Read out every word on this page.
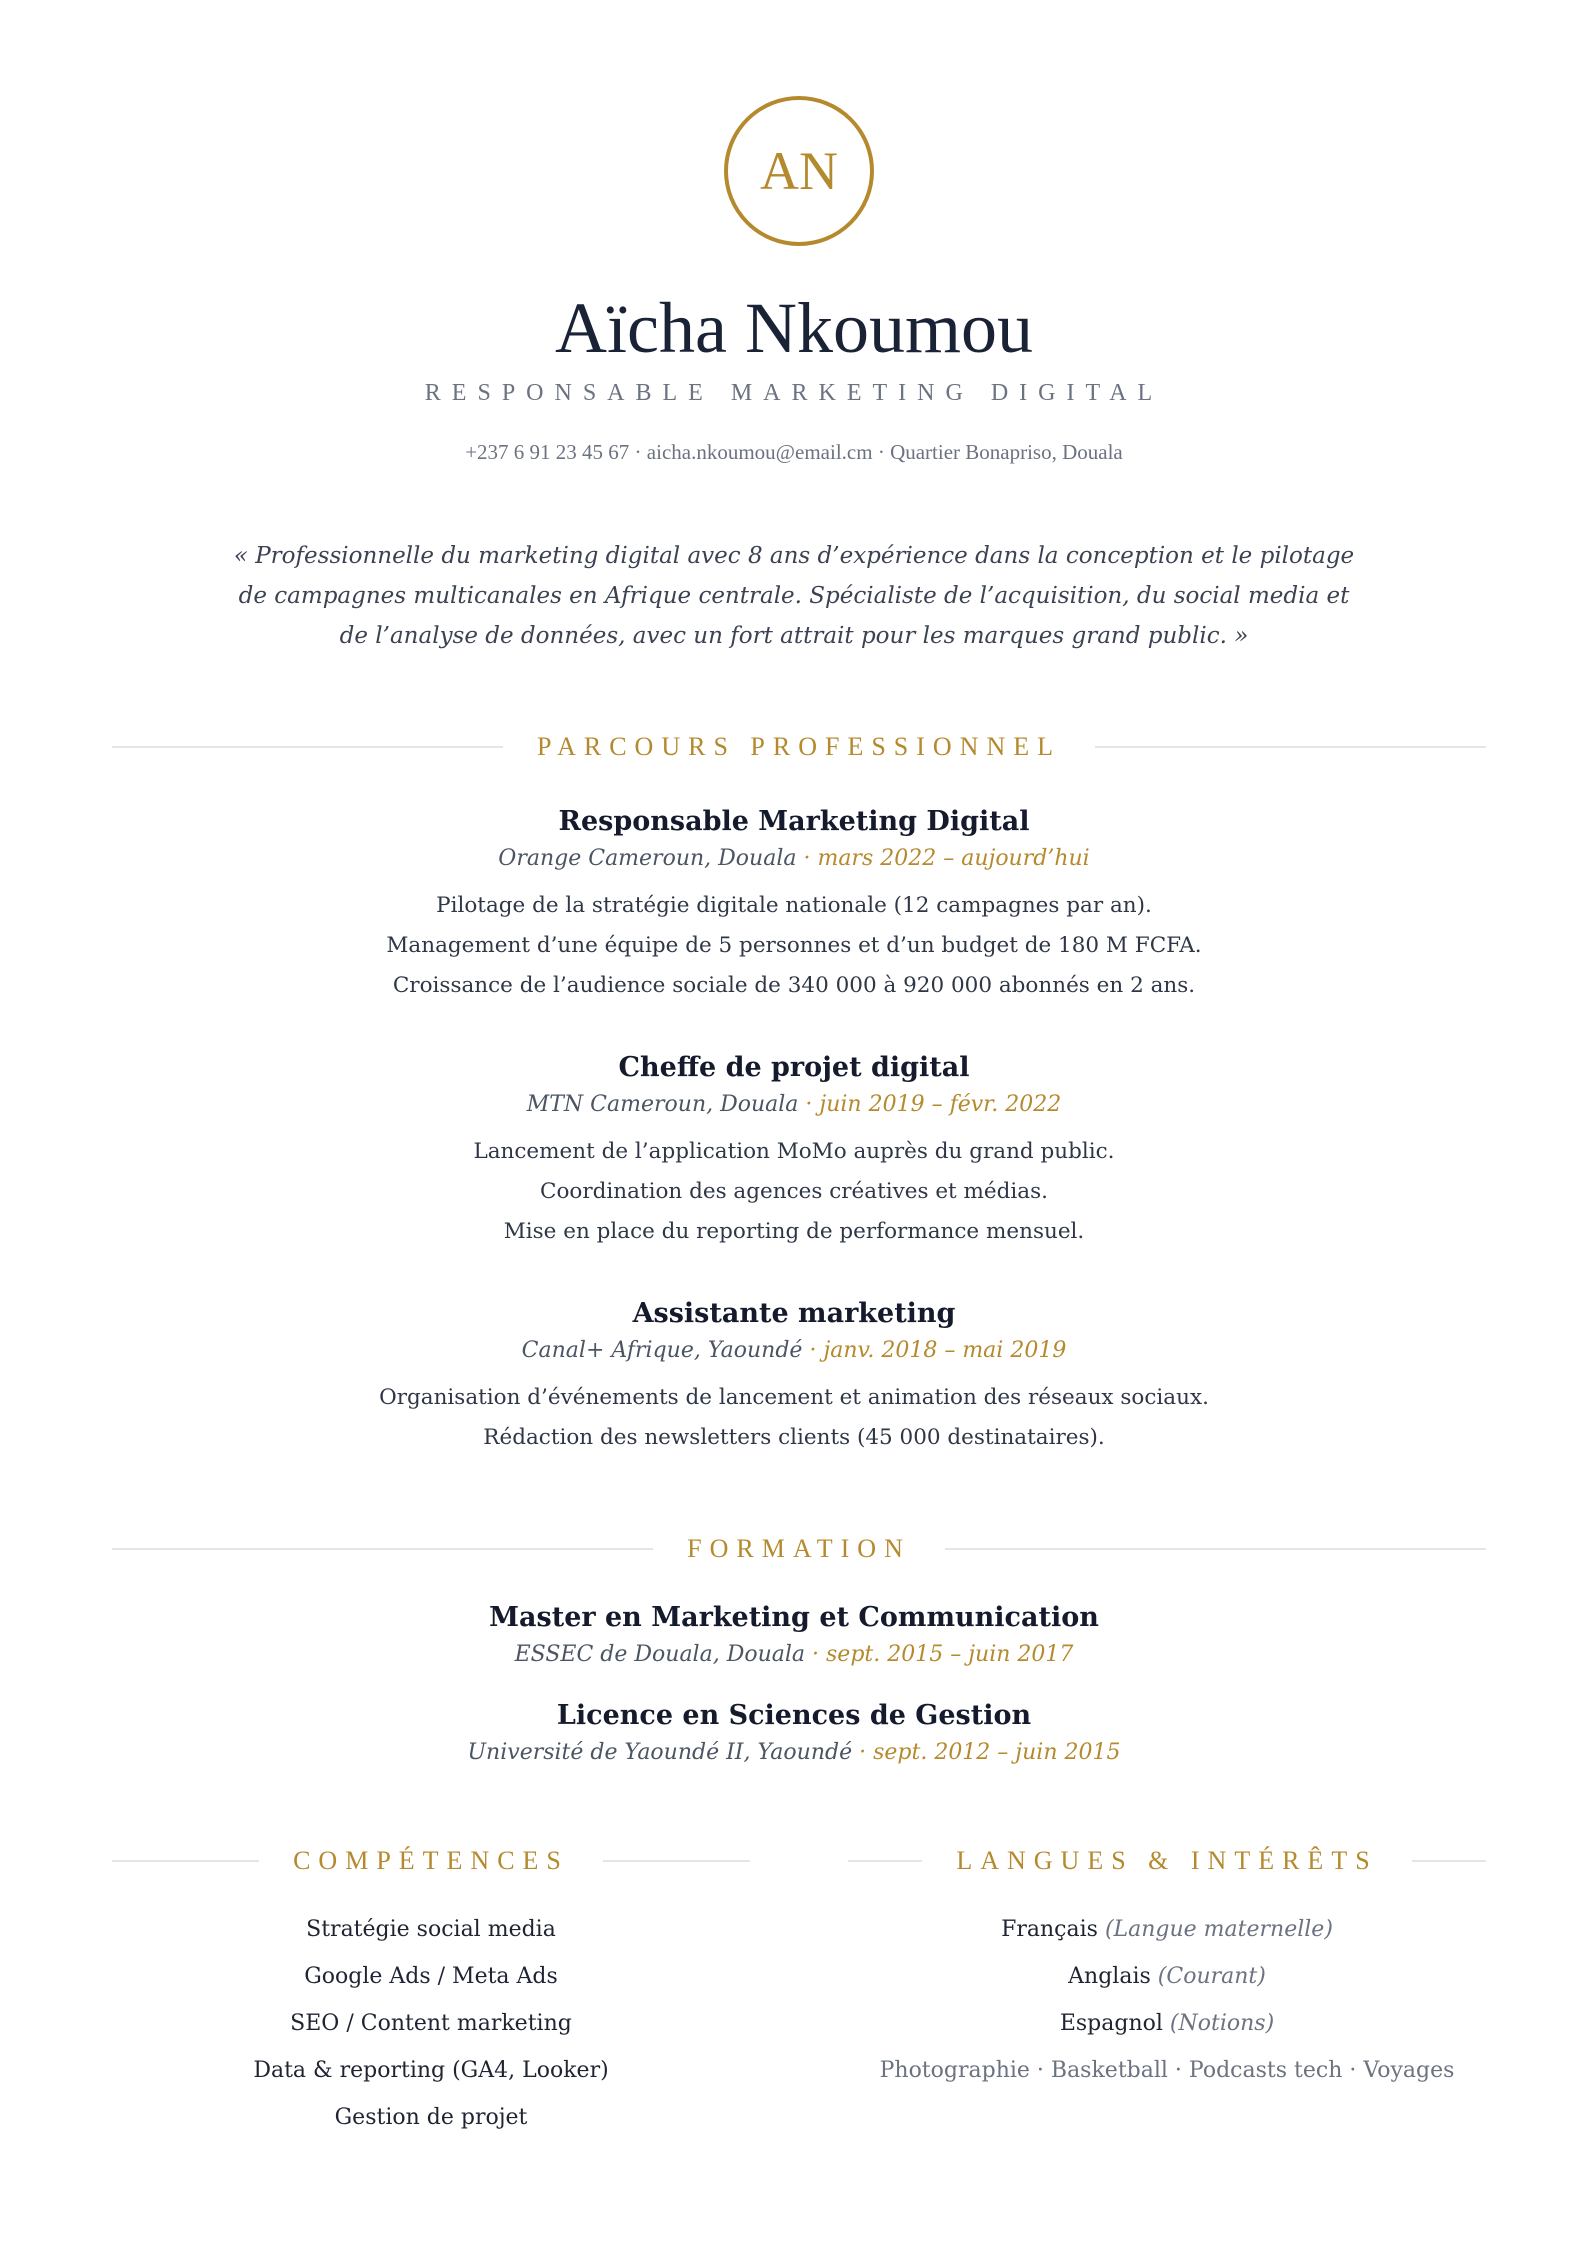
AN
Aïcha Nkoumou
RESPONSABLE MARKETING DIGITAL
+237 6 91 23 45 67 · aicha.nkoumou@email.cm · Quartier Bonapriso, Douala
« Professionnelle du marketing digital avec 8 ans d’expérience dans la conception et le pilotage de campagnes multicanales en Afrique centrale. Spécialiste de l’acquisition, du social media et de l’analyse de données, avec un fort attrait pour les marques grand public. »
PARCOURS PROFESSIONNEL
Responsable Marketing Digital
Orange Cameroun, Douala · mars 2022 – aujourd’hui
Pilotage de la stratégie digitale nationale (12 campagnes par an).
Management d’une équipe de 5 personnes et d’un budget de 180 M FCFA.
Croissance de l’audience sociale de 340 000 à 920 000 abonnés en 2 ans.
Cheffe de projet digital
MTN Cameroun, Douala · juin 2019 – févr. 2022
Lancement de l’application MoMo auprès du grand public.
Coordination des agences créatives et médias.
Mise en place du reporting de performance mensuel.
Assistante marketing
Canal+ Afrique, Yaoundé · janv. 2018 – mai 2019
Organisation d’événements de lancement et animation des réseaux sociaux.
Rédaction des newsletters clients (45 000 destinataires).
FORMATION
Master en Marketing et Communication
ESSEC de Douala, Douala · sept. 2015 – juin 2017
Licence en Sciences de Gestion
Université de Yaoundé II, Yaoundé · sept. 2012 – juin 2015
COMPÉTENCES
Stratégie social media
Google Ads / Meta Ads
SEO / Content marketing
Data & reporting (GA4, Looker)
Gestion de projet
LANGUES & INTÉRÊTS
Français (Langue maternelle)
Anglais (Courant)
Espagnol (Notions)
Photographie · Basketball · Podcasts tech · Voyages
